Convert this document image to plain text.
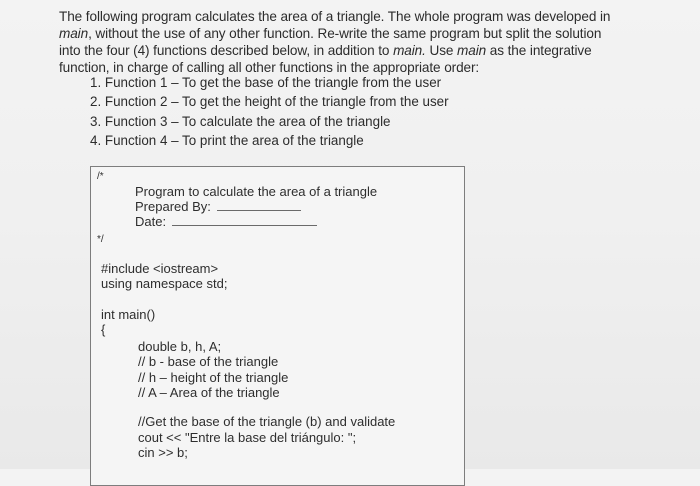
The following program calculates the area of a triangle. The whole program was developed in

main, without the use of any other function. Re-write the same program but split the solution

into the four (4) functions described below, in addition to main. Use main as the integrative

function, in charge of calling all other functions in the appropriate order:

1. Function 1 – To get the base of the triangle from the user
2. Function 2 – To get the height of the triangle from the user
3. Function 3 – To calculate the area of the triangle
4. Function 4 – To print the area of the triangle
/*
Program to calculate the area of a triangle
Prepared By:
Date:
*/
#include <iostream>
using namespace std;
int main()
{
double b, h, A;
// b - base of the triangle
// h – height of the triangle
// A – Area of the triangle
//Get the base of the triangle (b) and validate
cout << "Entre la base del triángulo: ";
cin >> b;
